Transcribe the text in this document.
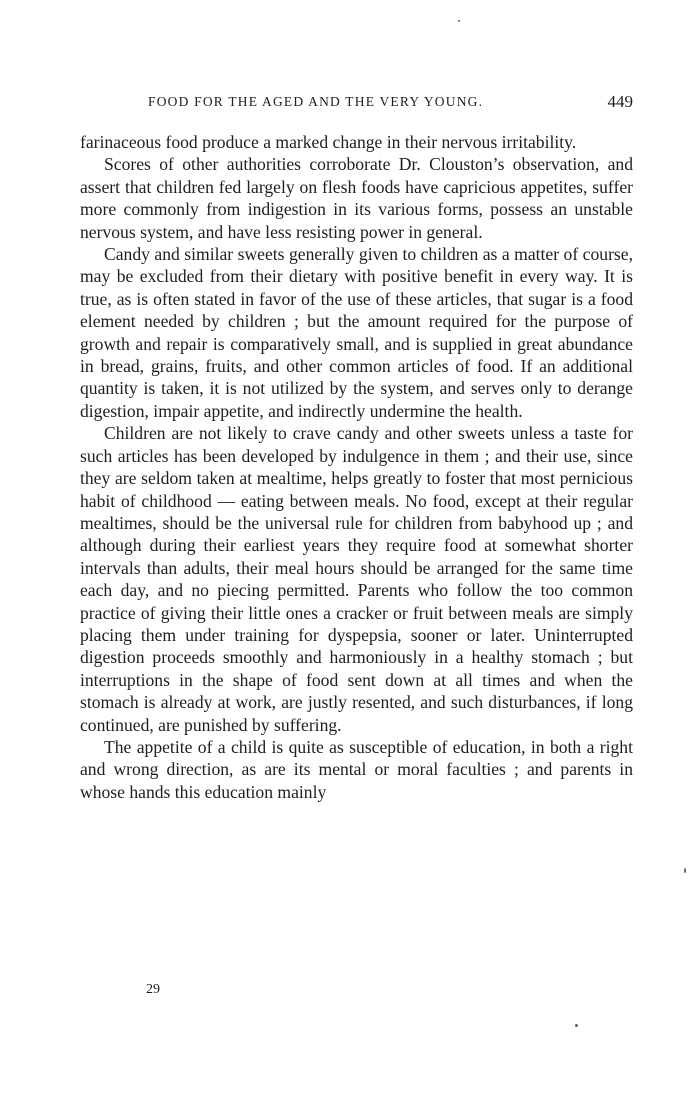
FOOD FOR THE AGED AND THE VERY YOUNG.	449

farinaceous food produce a marked change in their nervous irritability.

Scores of other authorities corroborate Dr. Clouston’s observation, and assert that children fed largely on flesh foods have capricious appetites, suffer more commonly from indigestion in its various forms, possess an unstable nervous system, and have less resisting power in general.

Candy and similar sweets generally given to children as a matter of course, may be excluded from their dietary with positive benefit in every way. It is true, as is often stated in favor of the use of these articles, that sugar is a food element needed by children ; but the amount required for the purpose of growth and repair is comparatively small, and is supplied in great abundance in bread, grains, fruits, and other common articles of food. If an additional quantity is taken, it is not utilized by the system, and serves only to derange digestion, impair appetite, and indirectly undermine the health.

Children are not likely to crave candy and other sweets unless a taste for such articles has been developed by indulgence in them ; and their use, since they are seldom taken at mealtime, helps greatly to foster that most pernicious habit of childhood — eating between meals. No food, except at their regular mealtimes, should be the universal rule for children from babyhood up ; and although during their earliest years they require food at somewhat shorter intervals than adults, their meal hours should be arranged for the same time each day, and no piecing permitted. Parents who follow the too common practice of giving their little ones a cracker or fruit between meals are simply placing them under training for dyspepsia, sooner or later. Uninterrupted digestion proceeds smoothly and harmoniously in a healthy stomach ; but interruptions in the shape of food sent down at all times and when the stomach is already at work, are justly resented, and such disturbances, if long continued, are punished by suffering.

The appetite of a child is quite as susceptible of education, in both a right and wrong direction, as are its mental or moral faculties ; and parents in whose hands this education mainly

29
